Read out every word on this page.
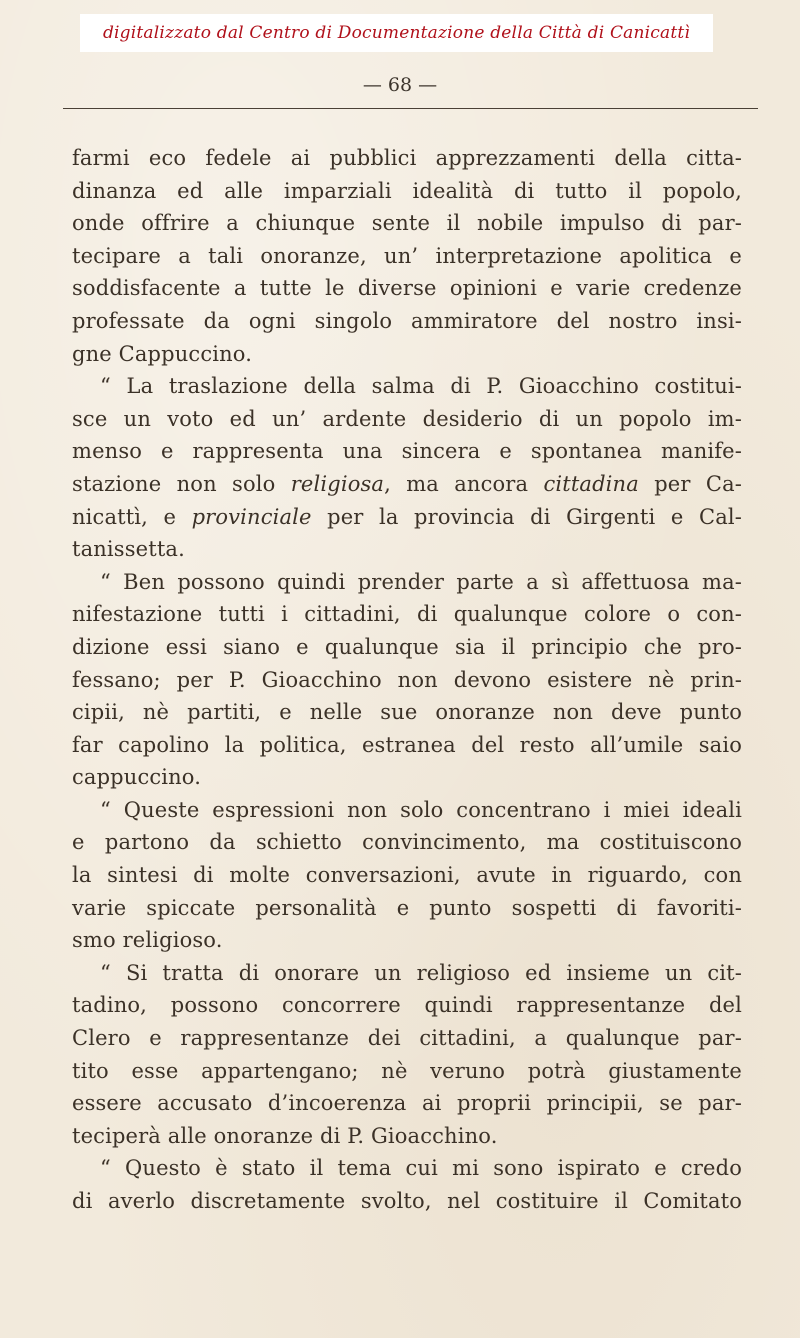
digitalizzato dal Centro di Documentazione della Città di Canicattì
— 68 —
farmi eco fedele ai pubblici apprezzamenti della citta-
dinanza ed alle imparziali idealità di tutto il popolo,
onde offrire a chiunque sente il nobile impulso di par-
tecipare a tali onoranze, un’ interpretazione apolitica e
soddisfacente a tutte le diverse opinioni e varie credenze
professate da ogni singolo ammiratore del nostro insi-
gne Cappuccino.
“ La traslazione della salma di P. Gioacchino costitui-
sce un voto ed un’ ardente desiderio di un popolo im-
menso e rappresenta una sincera e spontanea manife-
stazione non solo religiosa, ma ancora cittadina per Ca-
nicattì, e provinciale per la provincia di Girgenti e Cal-
tanissetta.
“ Ben possono quindi prender parte a sì affettuosa ma-
nifestazione tutti i cittadini, di qualunque colore o con-
dizione essi siano e qualunque sia il principio che pro-
fessano; per P. Gioacchino non devono esistere nè prin-
cipii, nè partiti, e nelle sue onoranze non deve punto
far capolino la politica, estranea del resto all’umile saio
cappuccino.
“ Queste espressioni non solo concentrano i miei ideali
e partono da schietto convincimento, ma costituiscono
la sintesi di molte conversazioni, avute in riguardo, con
varie spiccate personalità e punto sospetti di favoriti-
smo religioso.
“ Si tratta di onorare un religioso ed insieme un cit-
tadino, possono concorrere quindi rappresentanze del
Clero e rappresentanze dei cittadini, a qualunque par-
tito esse appartengano; nè veruno potrà giustamente
essere accusato d’incoerenza ai proprii principii, se par-
teciperà alle onoranze di P. Gioacchino.
“ Questo è stato il tema cui mi sono ispirato e credo
di averlo discretamente svolto, nel costituire il Comitato
